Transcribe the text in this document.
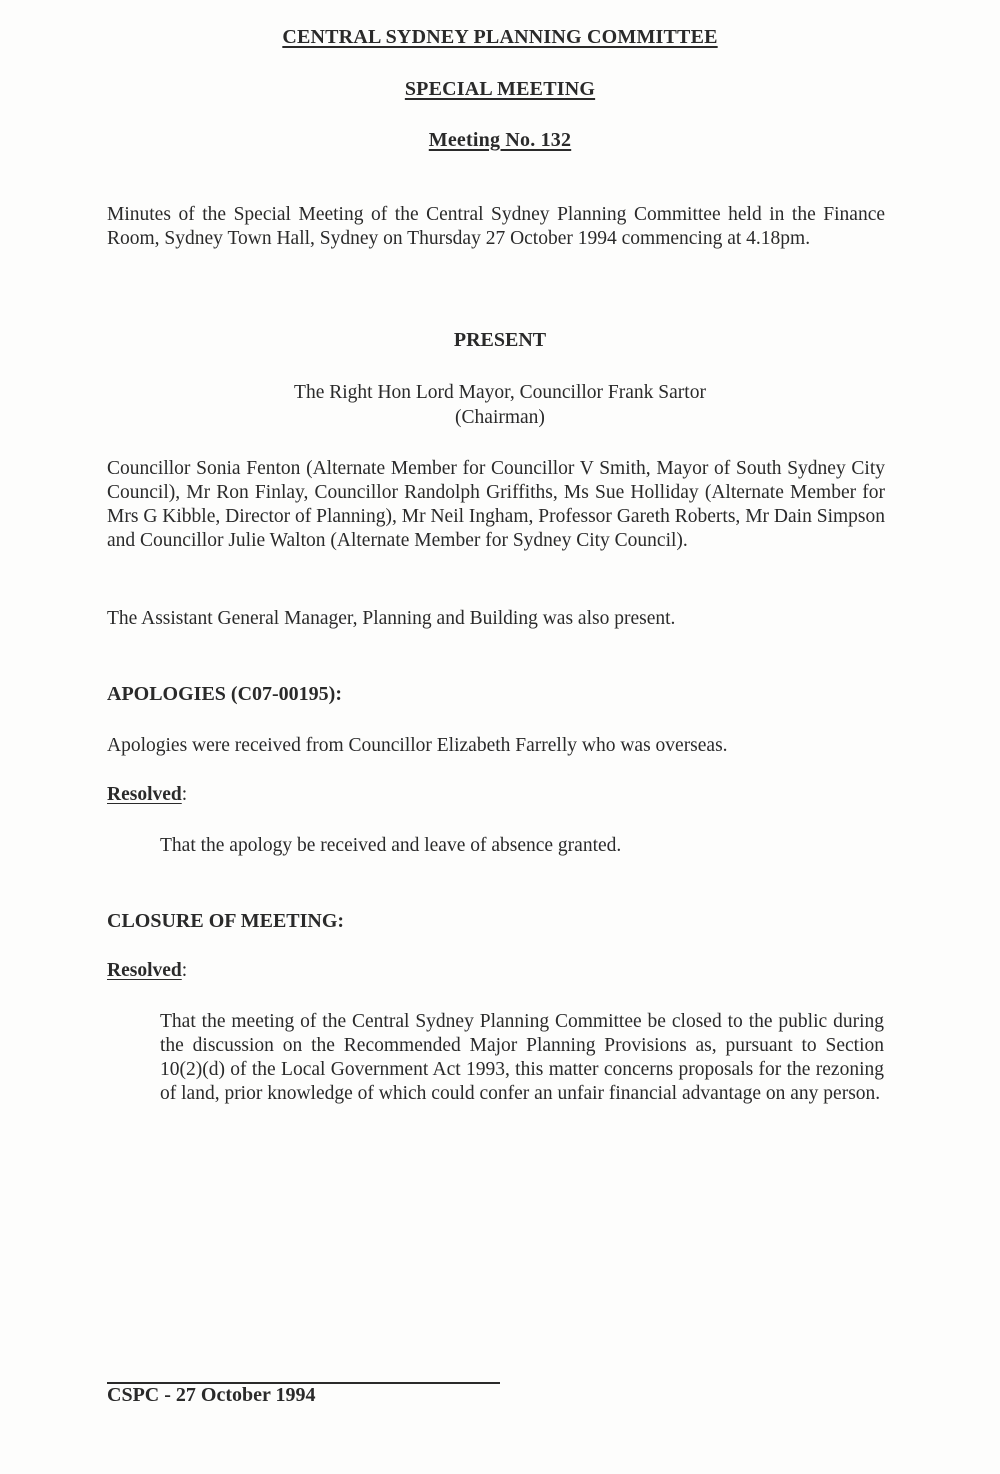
CENTRAL SYDNEY PLANNING COMMITTEE
SPECIAL MEETING
Meeting No. 132

Minutes of the Special Meeting of the Central Sydney Planning Committee held in the Finance Room, Sydney Town Hall, Sydney on Thursday 27 October 1994 commencing at 4.18pm.

PRESENT
The Right Hon Lord Mayor, Councillor Frank Sartor
(Chairman)

Councillor Sonia Fenton (Alternate Member for Councillor V Smith, Mayor of South Sydney City Council), Mr Ron Finlay, Councillor Randolph Griffiths, Ms Sue Holliday (Alternate Member for Mrs G Kibble, Director of Planning), Mr Neil Ingham, Professor Gareth Roberts, Mr Dain Simpson and Councillor Julie Walton (Alternate Member for Sydney City Council).

The Assistant General Manager, Planning and Building was also present.

APOLOGIES (C07-00195):

Apologies were received from Councillor Elizabeth Farrelly who was overseas.

Resolved:

That the apology be received and leave of absence granted.

CLOSURE OF MEETING:
Resolved:

That the meeting of the Central Sydney Planning Committee be closed to the public during the discussion on the Recommended Major Planning Provisions as, pursuant to Section 10(2)(d) of the Local Government Act 1993, this matter concerns proposals for the rezoning of land, prior knowledge of which could confer an unfair financial advantage on any person.

CSPC - 27 October 1994
